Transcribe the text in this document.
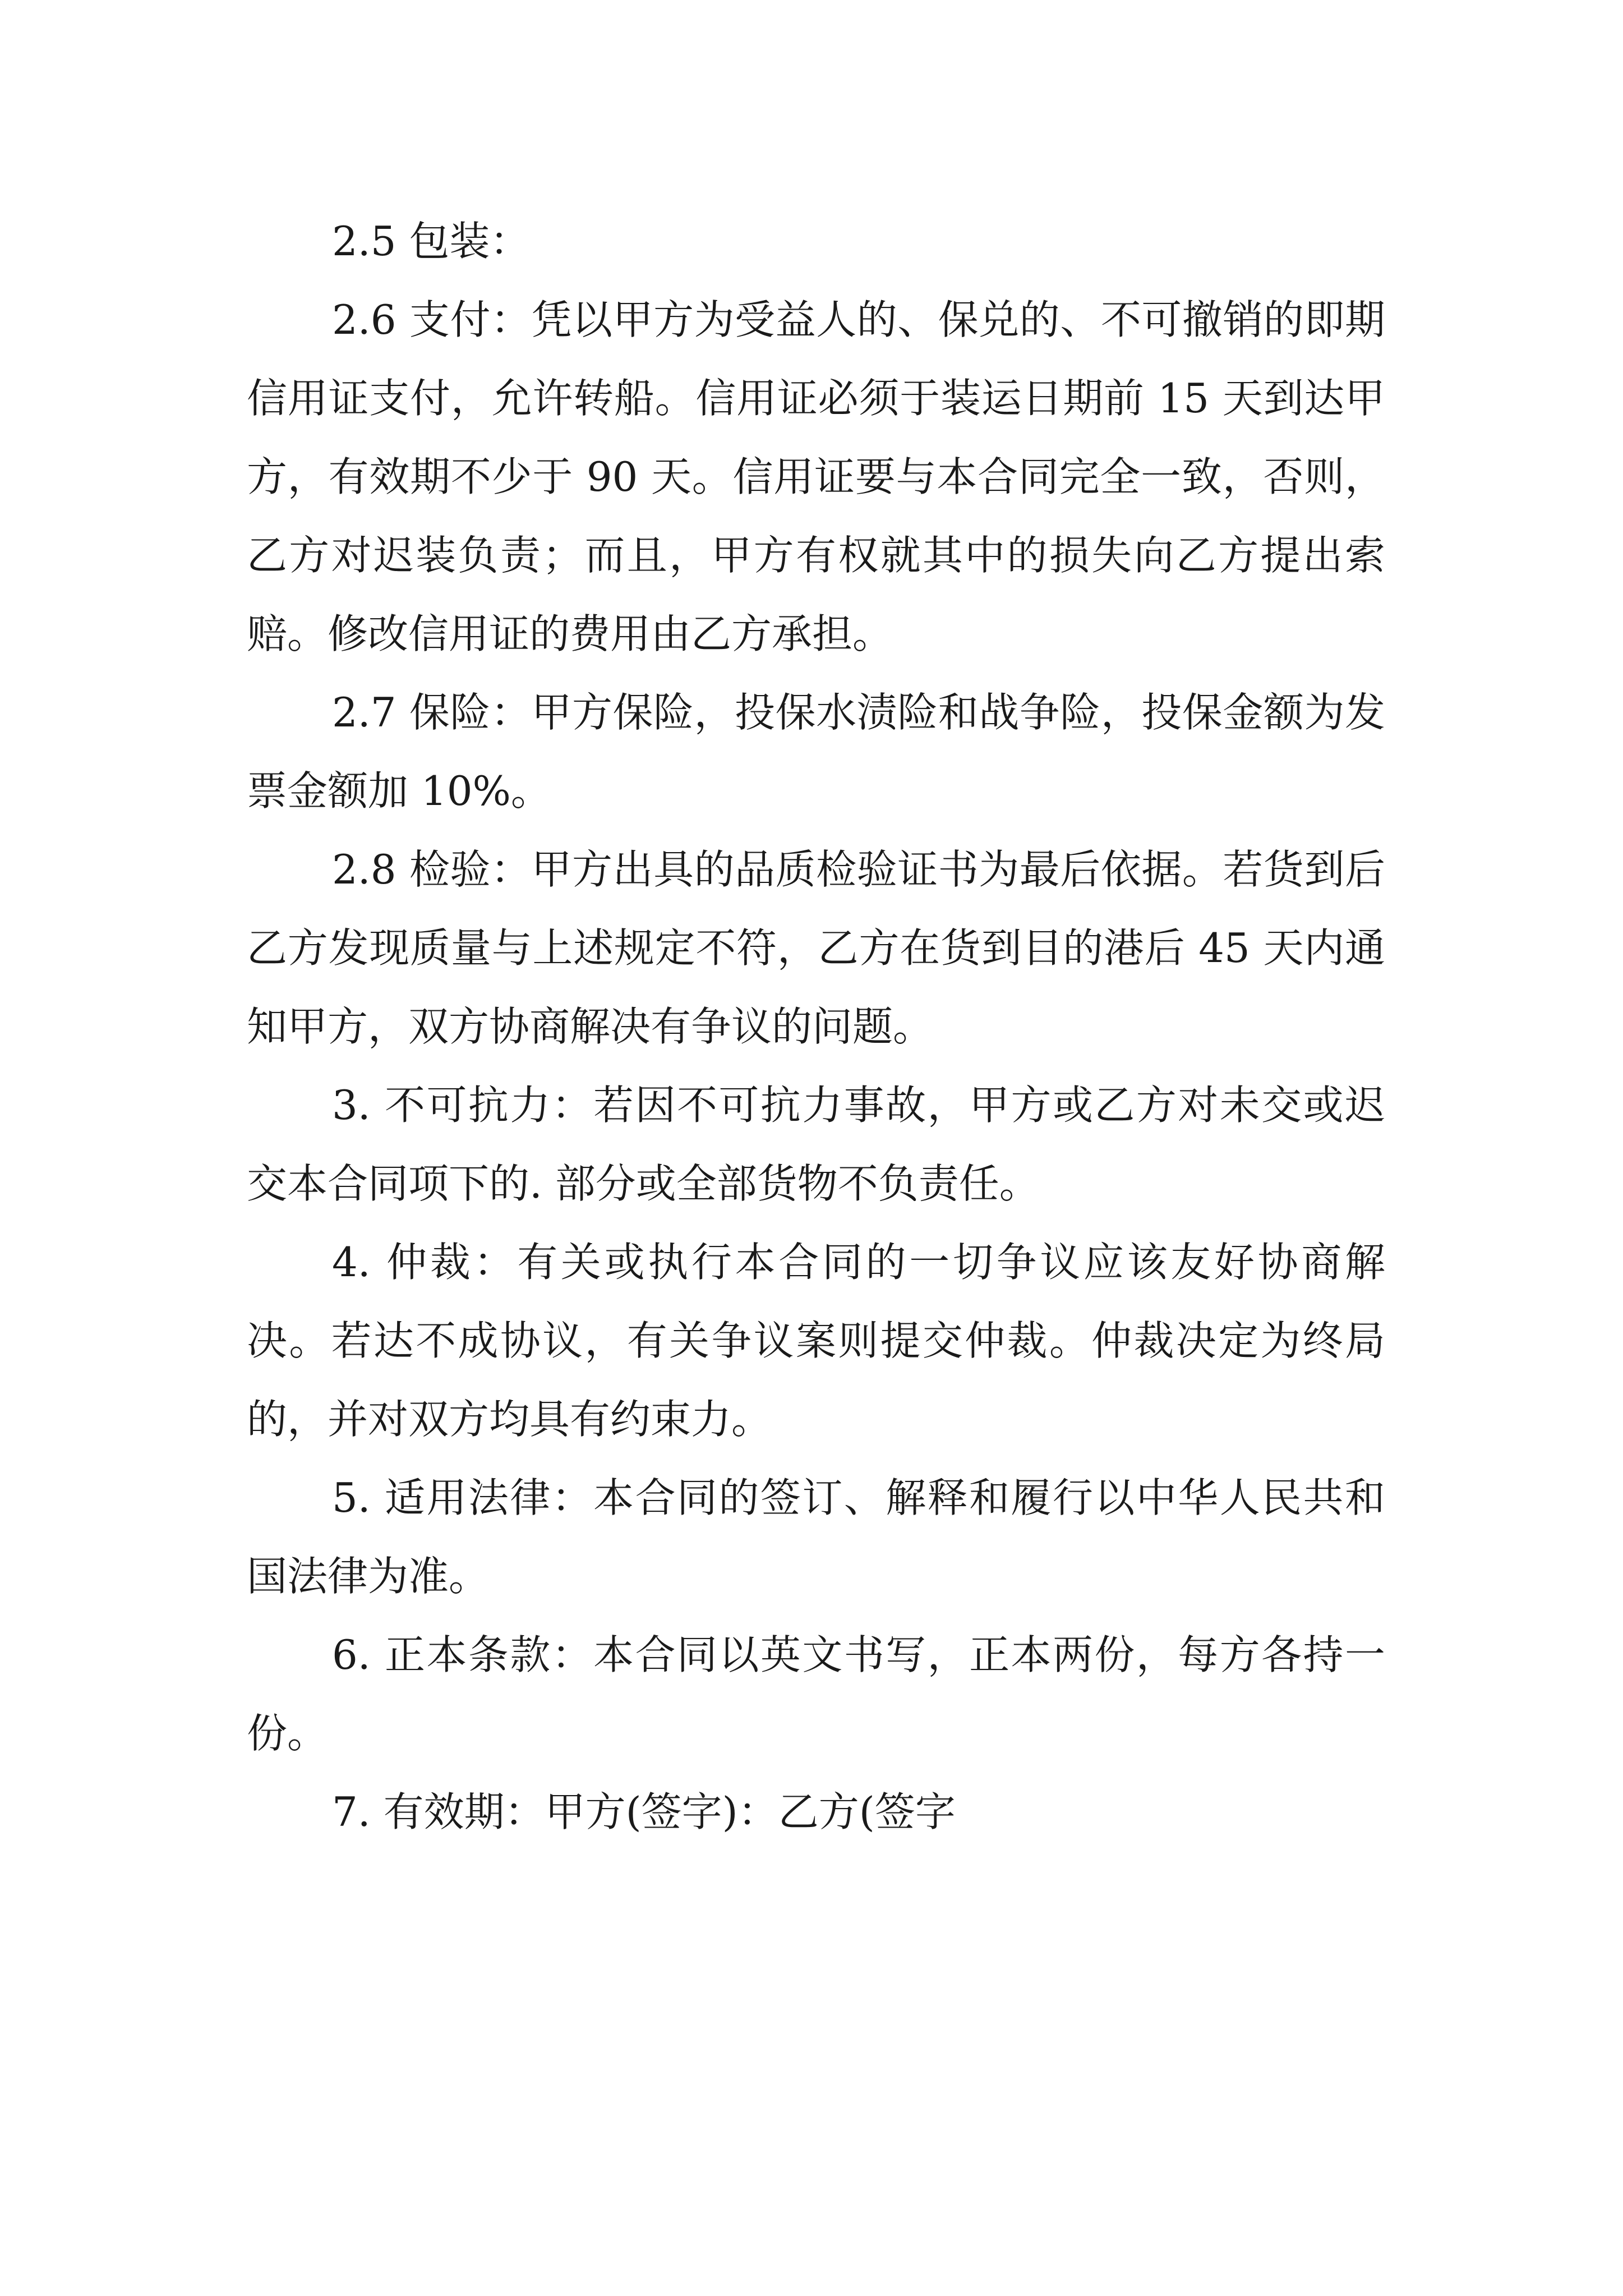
2.5 包装：

2.6 支付：凭以甲方为受益人的、保兑的、不可撤销的即期信用证支付，允许转船。信用证必须于装运日期前 15 天到达甲方，有效期不少于 90 天。信用证要与本合同完全一致，否则，乙方对迟装负责；而且，甲方有权就其中的损失向乙方提出索赔。修改信用证的费用由乙方承担。

2.7 保险：甲方保险，投保水渍险和战争险，投保金额为发票金额加 10%。

2.8 检验：甲方出具的品质检验证书为最后依据。若货到后乙方发现质量与上述规定不符，乙方在货到目的港后 45 天内通知甲方，双方协商解决有争议的问题。

3. 不可抗力：若因不可抗力事故，甲方或乙方对未交或迟交本合同项下的. 部分或全部货物不负责任。

4. 仲裁：有关或执行本合同的一切争议应该友好协商解决。若达不成协议，有关争议案则提交仲裁。仲裁决定为终局的，并对双方均具有约束力。

5. 适用法律：本合同的签订、解释和履行以中华人民共和国法律为准。

6. 正本条款：本合同以英文书写，正本两份，每方各持一份。

7. 有效期：甲方(签字)：乙方(签字
